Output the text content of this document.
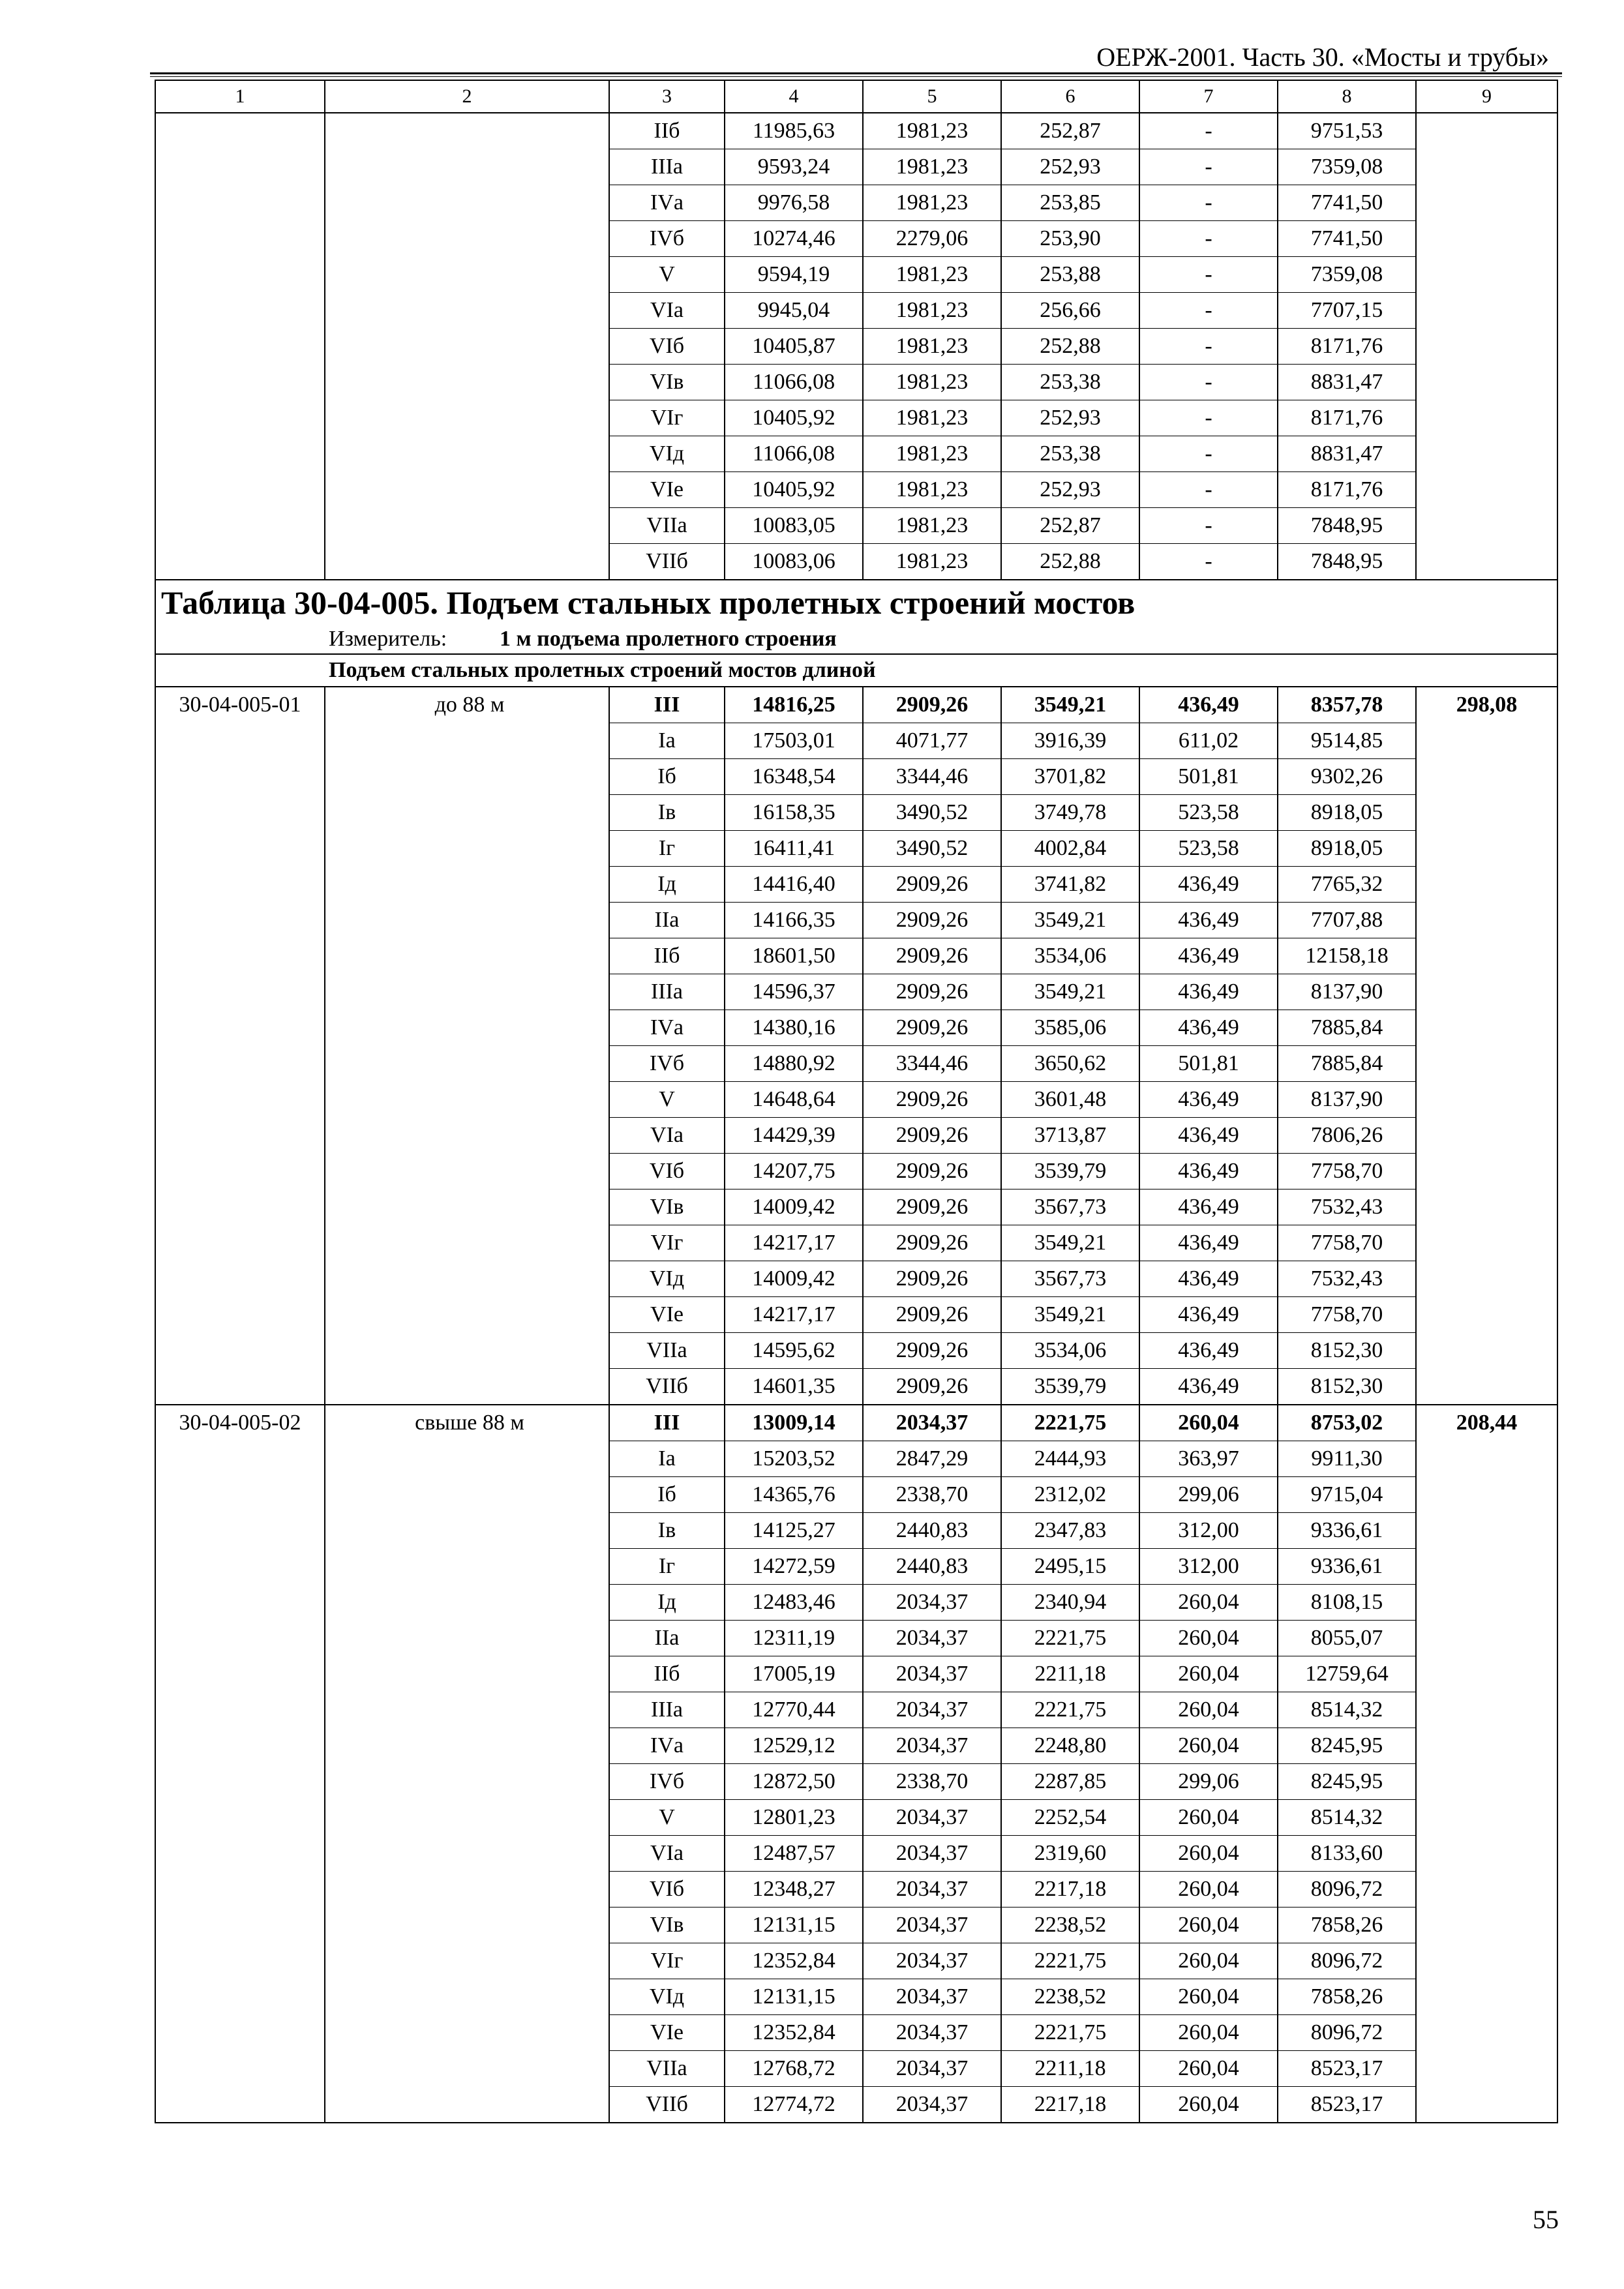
ОЕРЖ-2001. Часть 30. «Мосты и трубы»
1	2	3	4	5	6	7	8	9
		IIб	11985,63	1981,23	252,87	-	9751,53	
		IIIа	9593,24	1981,23	252,93	-	7359,08	
		IVа	9976,58	1981,23	253,85	-	7741,50	
		IVб	10274,46	2279,06	253,90	-	7741,50	
		V	9594,19	1981,23	253,88	-	7359,08	
		VIа	9945,04	1981,23	256,66	-	7707,15	
		VIб	10405,87	1981,23	252,88	-	8171,76	
		VIв	11066,08	1981,23	253,38	-	8831,47	
		VIг	10405,92	1981,23	252,93	-	8171,76	
		VIд	11066,08	1981,23	253,38	-	8831,47	
		VIе	10405,92	1981,23	252,93	-	8171,76	
		VIIа	10083,05	1981,23	252,87	-	7848,95	
		VIIб	10083,06	1981,23	252,88	-	7848,95	
Таблица 30-04-005. Подъем стальных пролетных строений мостов								
Измеритель: 1 м подъема пролетного строения								
Подъем стальных пролетных строений мостов длиной								
30-04-005-01	до 88 м	III	14816,25	2909,26	3549,21	436,49	8357,78	298,08
		Iа	17503,01	4071,77	3916,39	611,02	9514,85	
		Iб	16348,54	3344,46	3701,82	501,81	9302,26	
		Iв	16158,35	3490,52	3749,78	523,58	8918,05	
		Iг	16411,41	3490,52	4002,84	523,58	8918,05	
		Iд	14416,40	2909,26	3741,82	436,49	7765,32	
		IIа	14166,35	2909,26	3549,21	436,49	7707,88	
		IIб	18601,50	2909,26	3534,06	436,49	12158,18	
		IIIа	14596,37	2909,26	3549,21	436,49	8137,90	
		IVа	14380,16	2909,26	3585,06	436,49	7885,84	
		IVб	14880,92	3344,46	3650,62	501,81	7885,84	
		V	14648,64	2909,26	3601,48	436,49	8137,90	
		VIа	14429,39	2909,26	3713,87	436,49	7806,26	
		VIб	14207,75	2909,26	3539,79	436,49	7758,70	
		VIв	14009,42	2909,26	3567,73	436,49	7532,43	
		VIг	14217,17	2909,26	3549,21	436,49	7758,70	
		VIд	14009,42	2909,26	3567,73	436,49	7532,43	
		VIе	14217,17	2909,26	3549,21	436,49	7758,70	
		VIIа	14595,62	2909,26	3534,06	436,49	8152,30	
		VIIб	14601,35	2909,26	3539,79	436,49	8152,30	
30-04-005-02	свыше 88 м	III	13009,14	2034,37	2221,75	260,04	8753,02	208,44
		Iа	15203,52	2847,29	2444,93	363,97	9911,30	
		Iб	14365,76	2338,70	2312,02	299,06	9715,04	
		Iв	14125,27	2440,83	2347,83	312,00	9336,61	
		Iг	14272,59	2440,83	2495,15	312,00	9336,61	
		Iд	12483,46	2034,37	2340,94	260,04	8108,15	
		IIа	12311,19	2034,37	2221,75	260,04	8055,07	
		IIб	17005,19	2034,37	2211,18	260,04	12759,64	
		IIIа	12770,44	2034,37	2221,75	260,04	8514,32	
		IVа	12529,12	2034,37	2248,80	260,04	8245,95	
		IVб	12872,50	2338,70	2287,85	299,06	8245,95	
		V	12801,23	2034,37	2252,54	260,04	8514,32	
		VIа	12487,57	2034,37	2319,60	260,04	8133,60	
		VIб	12348,27	2034,37	2217,18	260,04	8096,72	
		VIв	12131,15	2034,37	2238,52	260,04	7858,26	
		VIг	12352,84	2034,37	2221,75	260,04	8096,72	
		VIд	12131,15	2034,37	2238,52	260,04	7858,26	
		VIе	12352,84	2034,37	2221,75	260,04	8096,72	
		VIIа	12768,72	2034,37	2211,18	260,04	8523,17	
		VIIб	12774,72	2034,37	2217,18	260,04	8523,17	
55
